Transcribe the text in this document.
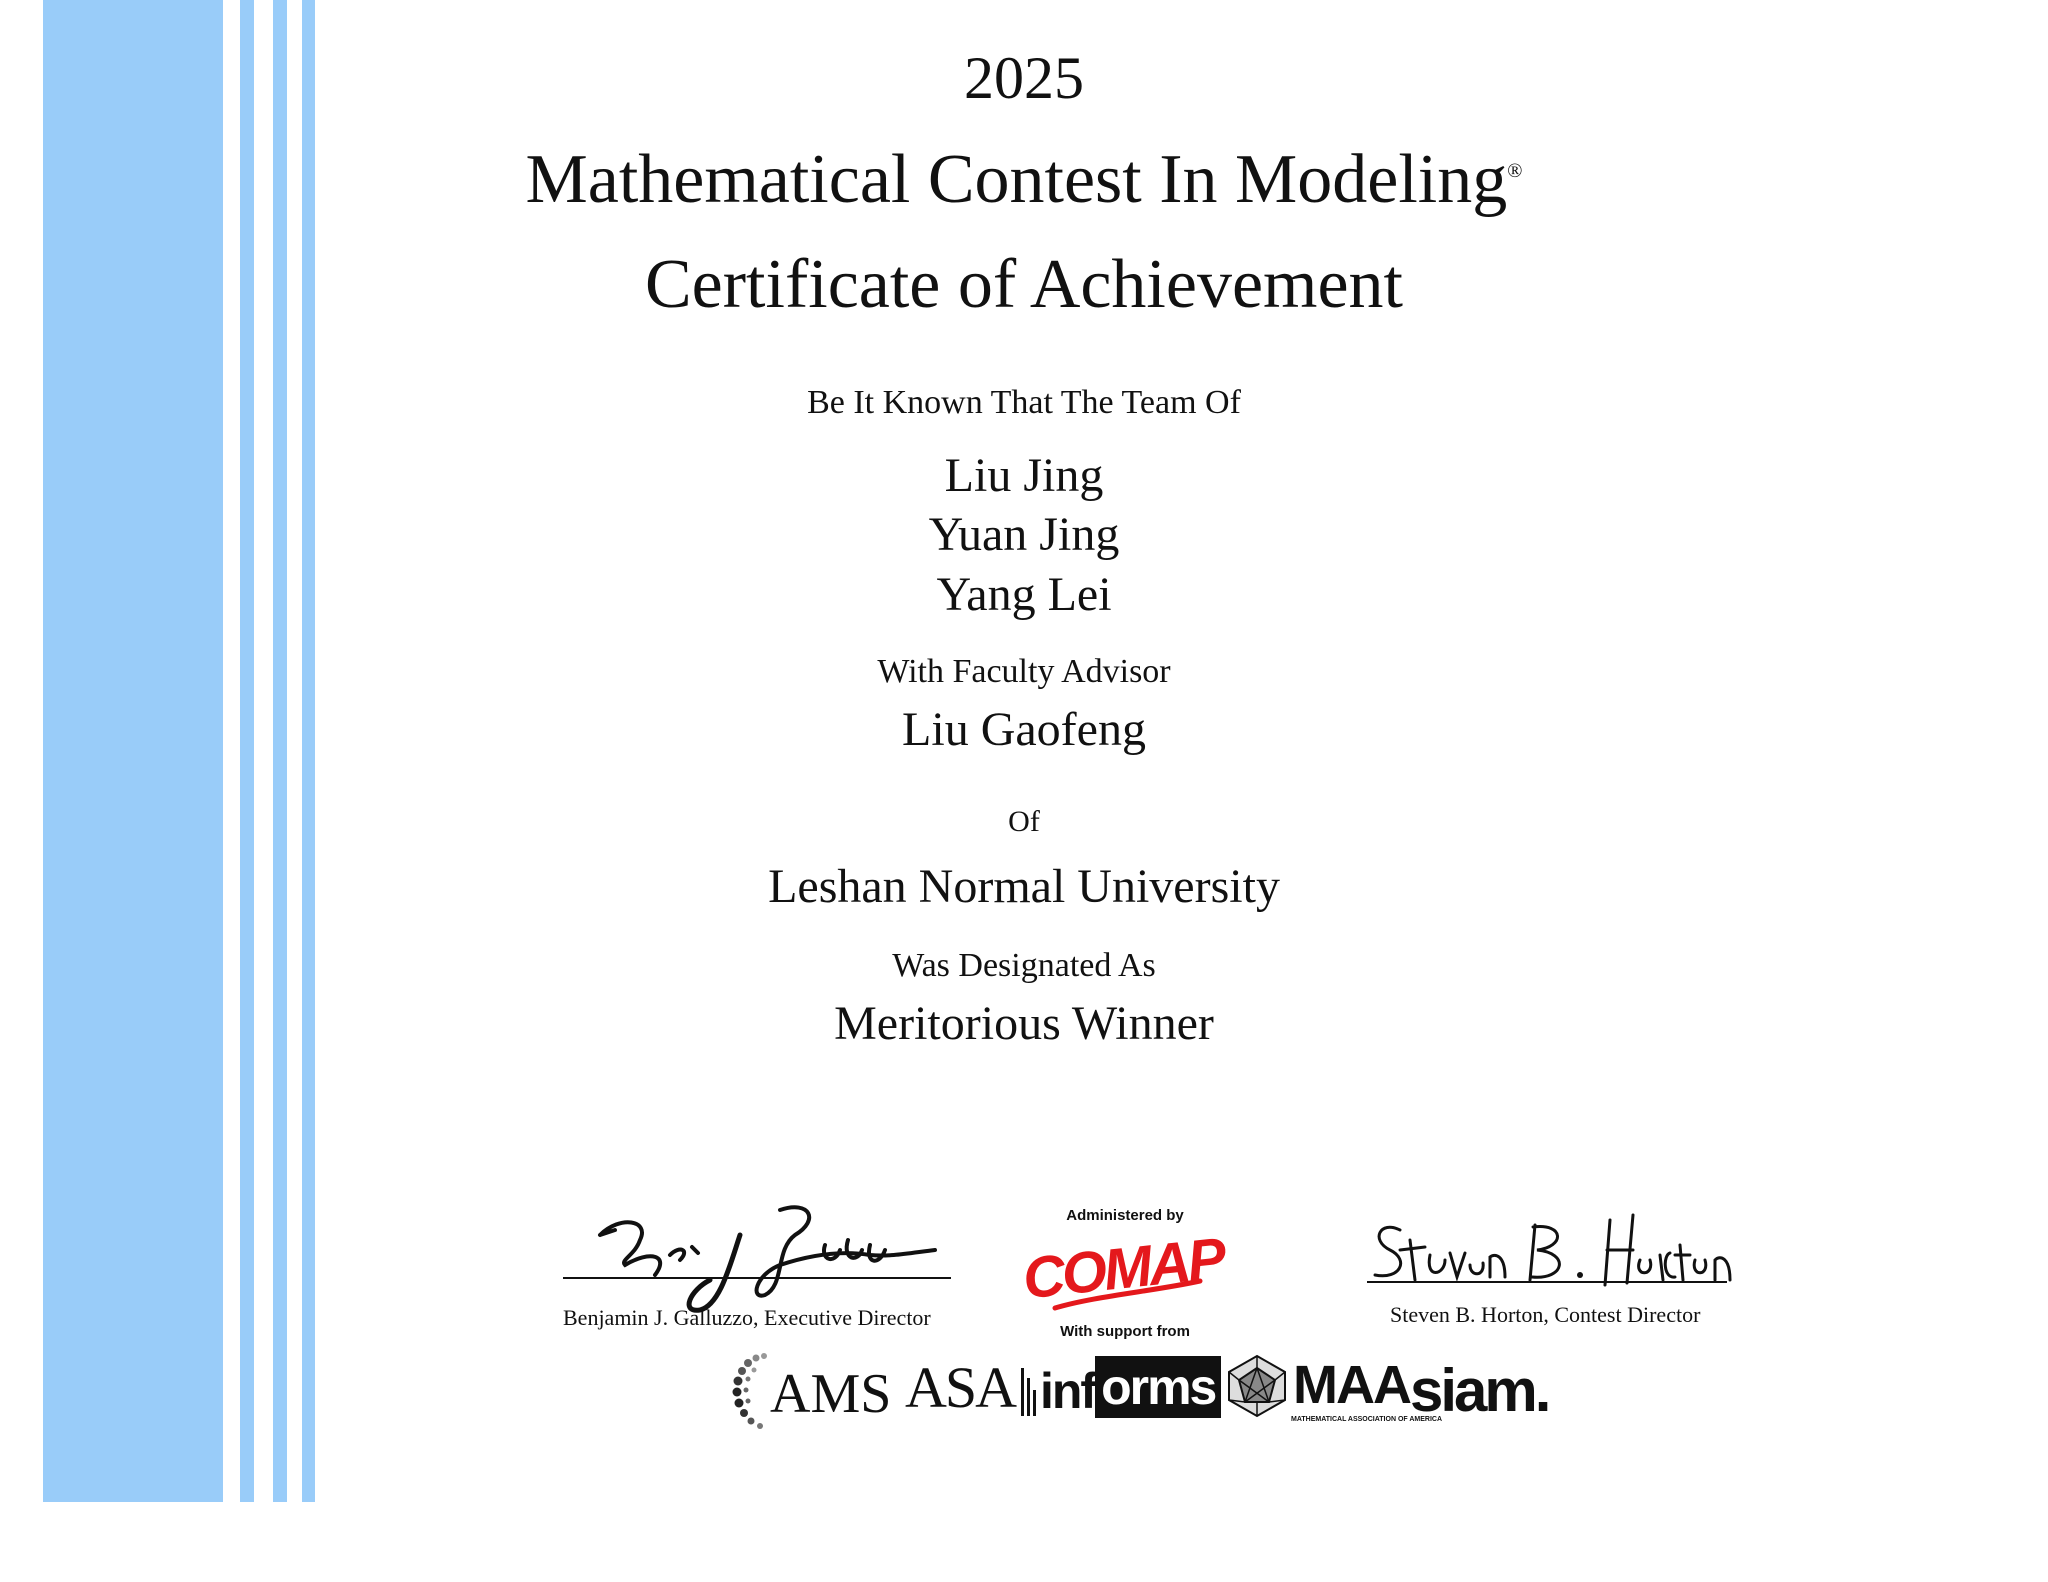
2025
Mathematical Contest In Modeling®
Certificate of Achievement
Be It Known That The Team Of
Liu Jing
Yuan Jing
Yang Lei
With Faculty Advisor
Liu Gaofeng
Of
Leshan Normal University
Was Designated As
Meritorious Winner
Benjamin J. Galluzzo, Executive Director
Administered by
COMAP
With support from
Steven B. Horton, Contest Director
AMS ASA inf orms MAA
MATHEMATICAL ASSOCIATION OF AMERICA
siam.
